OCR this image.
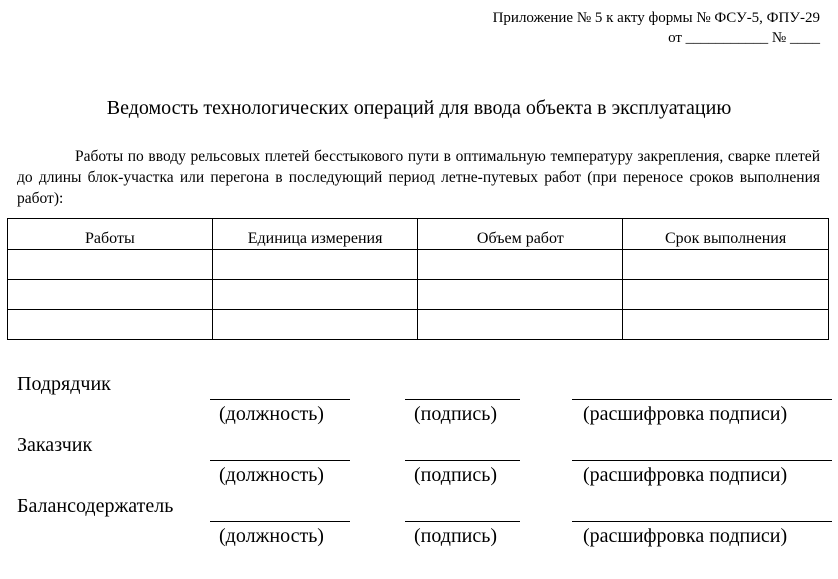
Приложение № 5 к акту формы № ФСУ-5, ФПУ-29
от ___________ № ____
Ведомость технологических операций для ввода объекта в эксплуатацию
Работы по вводу рельсовых плетей бесстыкового пути в оптимальную температуру закрепления, сварке плетей до длины блок-участка или перегона в последующий период летне-путевых работ (при переносе сроков выполнения работ):
Работы	Единица измерения	Объем работ	Срок выполнения

Подрядчик
(должность)	(подпись)	(расшифровка подписи)
Заказчик
(должность)	(подпись)	(расшифровка подписи)
Балансодержатель
(должность)	(подпись)	(расшифровка подписи)
